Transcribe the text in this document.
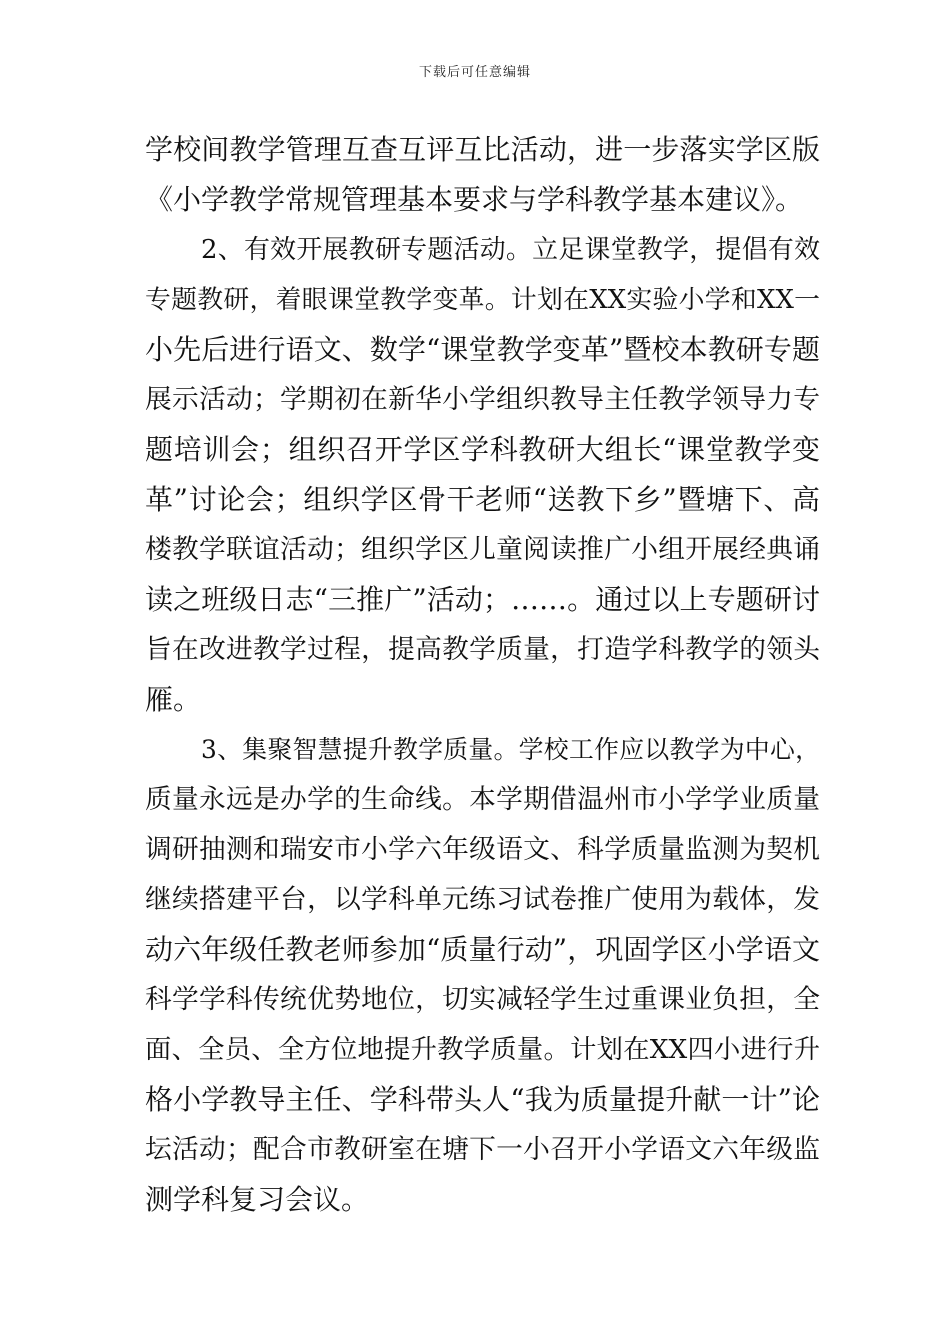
下载后可任意编辑
学校间教学管理互查互评互比活动，进一步落实学区版
《小学教学常规管理基本要求与学科教学基本建议》。
2、有效开展教研专题活动。立足课堂教学，提倡有效
专题教研，着眼课堂教学变革。计划在XX实验小学和XX一
小先后进行语文、数学“课堂教学变革”暨校本教研专题
展示活动；学期初在新华小学组织教导主任教学领导力专
题培训会；组织召开学区学科教研大组长“课堂教学变
革”讨论会；组织学区骨干老师“送教下乡”暨塘下、高
楼教学联谊活动；组织学区儿童阅读推广小组开展经典诵
读之班级日志“三推广”活动；……。通过以上专题研讨
旨在改进教学过程，提高教学质量，打造学科教学的领头
雁。
3、集聚智慧提升教学质量。学校工作应以教学为中心，
质量永远是办学的生命线。本学期借温州市小学学业质量
调研抽测和瑞安市小学六年级语文、科学质量监测为契机
继续搭建平台，以学科单元练习试卷推广使用为载体，发
动六年级任教老师参加“质量行动”，巩固学区小学语文
科学学科传统优势地位，切实减轻学生过重课业负担，全
面、全员、全方位地提升教学质量。计划在XX四小进行升
格小学教导主任、学科带头人“我为质量提升献一计”论
坛活动；配合市教研室在塘下一小召开小学语文六年级监
测学科复习会议。
